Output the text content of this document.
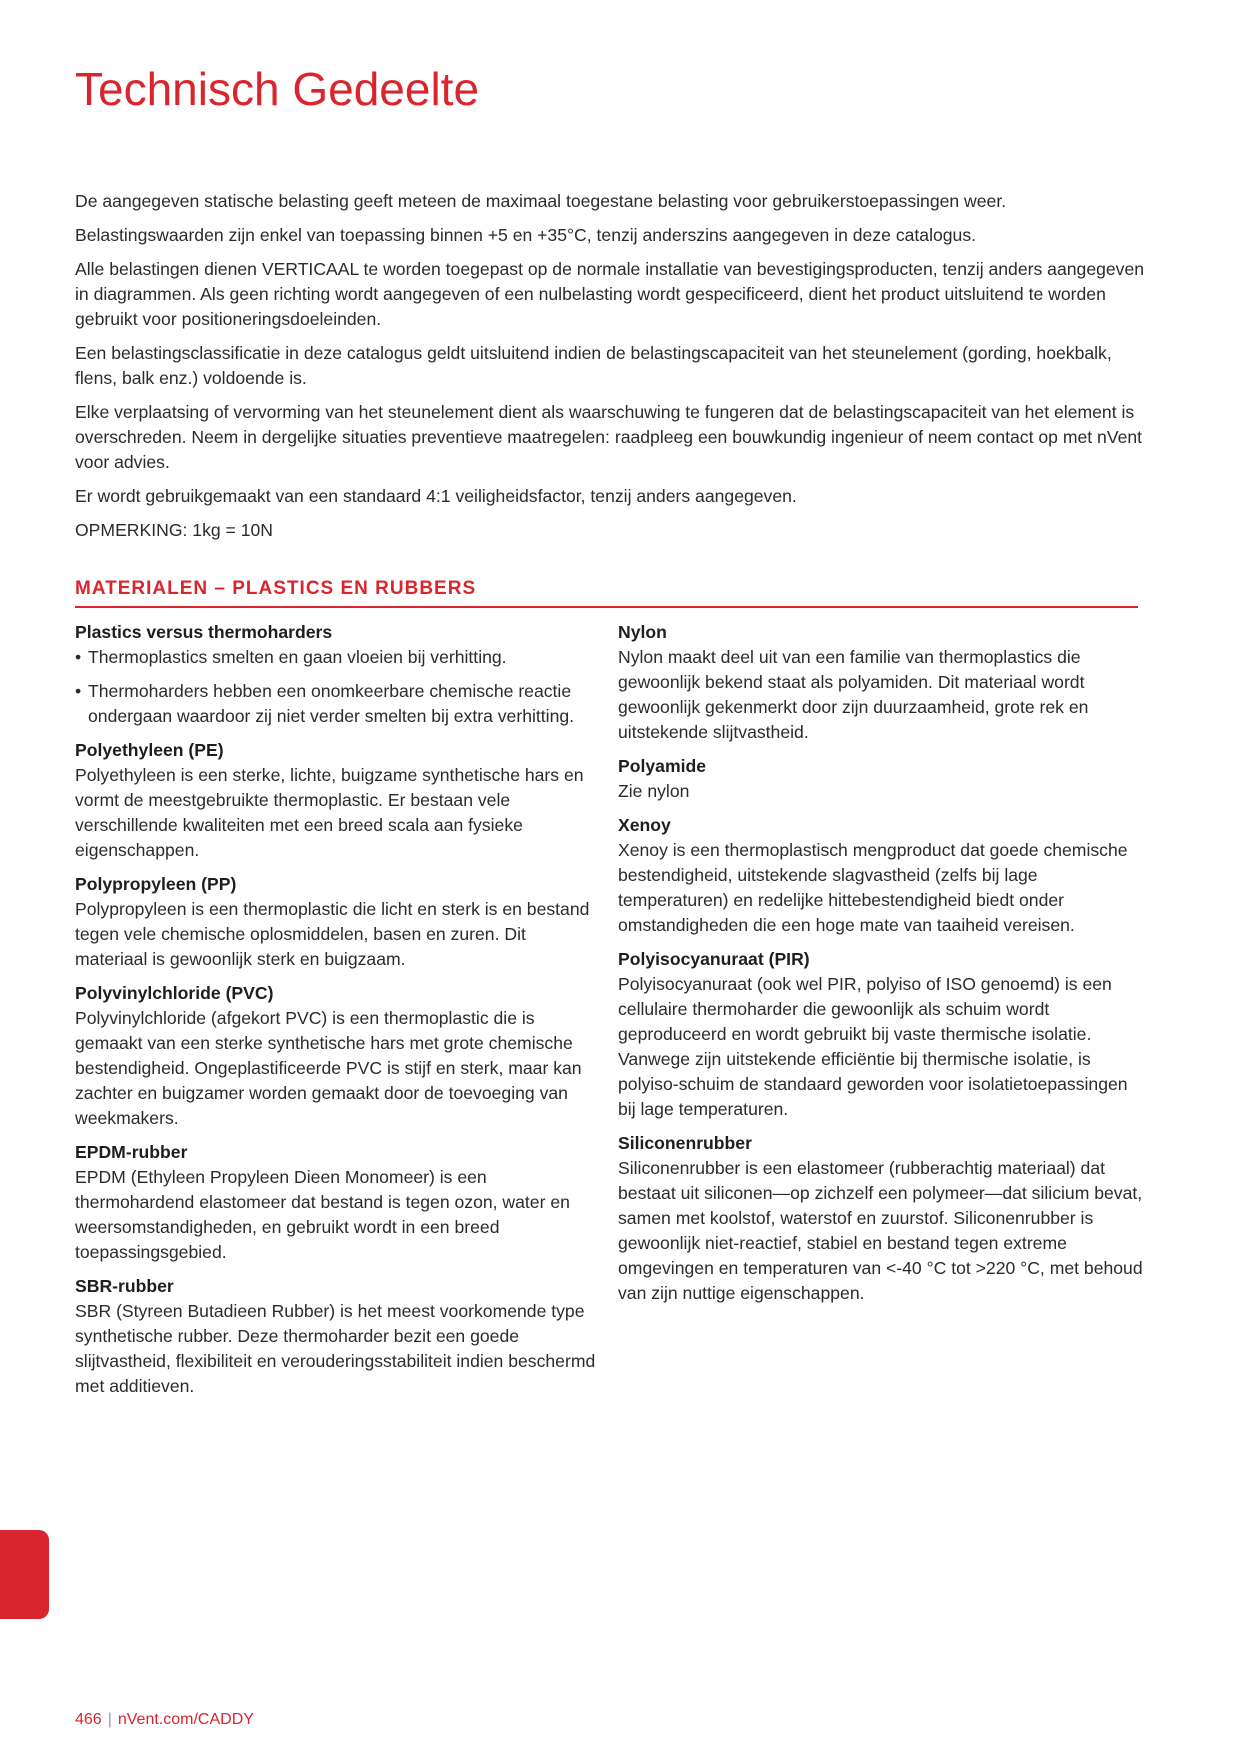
Technisch Gedeelte

De aangegeven statische belasting geeft meteen de maximaal toegestane belasting voor gebruikerstoepassingen weer.

Belastingswaarden zijn enkel van toepassing binnen +5 en +35°C, tenzij anderszins aangegeven in deze catalogus.

Alle belastingen dienen VERTICAAL te worden toegepast op de normale installatie van bevestigingsproducten, tenzij anders aangegeven in diagrammen. Als geen richting wordt aangegeven of een nulbelasting wordt gespecificeerd, dient het product uitsluitend te worden gebruikt voor positioneringsdoeleinden.

Een belastingsclassificatie in deze catalogus geldt uitsluitend indien de belastingscapaciteit van het steunelement (gording, hoekbalk, flens, balk enz.) voldoende is.

Elke verplaatsing of vervorming van het steunelement dient als waarschuwing te fungeren dat de belastingscapaciteit van het element is overschreden. Neem in dergelijke situaties preventieve maatregelen: raadpleeg een bouwkundig ingenieur of neem contact op met nVent voor advies.

Er wordt gebruikgemaakt van een standaard 4:1 veiligheidsfactor, tenzij anders aangegeven.

OPMERKING: 1kg = 10N

MATERIALEN – PLASTICS EN RUBBERS
Plastics versus thermoharders
• Thermoplastics smelten en gaan vloeien bij verhitting.
• Thermoharders hebben een onomkeerbare chemische reactie ondergaan waardoor zij niet verder smelten bij extra verhitting.
Polyethyleen (PE)

Polyethyleen is een sterke, lichte, buigzame synthetische hars en vormt de meestgebruikte thermoplastic. Er bestaan vele verschillende kwaliteiten met een breed scala aan fysieke eigenschappen.

Polypropyleen (PP)

Polypropyleen is een thermoplastic die licht en sterk is en bestand tegen vele chemische oplosmiddelen, basen en zuren. Dit materiaal is gewoonlijk sterk en buigzaam.

Polyvinylchloride (PVC)

Polyvinylchloride (afgekort PVC) is een thermoplastic die is gemaakt van een sterke synthetische hars met grote chemische bestendigheid. Ongeplastificeerde PVC is stijf en sterk, maar kan zachter en buigzamer worden gemaakt door de toevoeging van weekmakers.

EPDM-rubber

EPDM (Ethyleen Propyleen Dieen Monomeer) is een thermohardend elastomeer dat bestand is tegen ozon, water en weersomstandigheden, en gebruikt wordt in een breed toepassingsgebied.

SBR-rubber

SBR (Styreen Butadieen Rubber) is het meest voorkomende type synthetische rubber. Deze thermoharder bezit een goede slijtvastheid, flexibiliteit en verouderingsstabiliteit indien beschermd met additieven.

Nylon

Nylon maakt deel uit van een familie van thermoplastics die gewoonlijk bekend staat als polyamiden. Dit materiaal wordt gewoonlijk gekenmerkt door zijn duurzaamheid, grote rek en uitstekende slijtvastheid.

Polyamide

Zie nylon

Xenoy

Xenoy is een thermoplastisch mengproduct dat goede chemische bestendigheid, uitstekende slagvastheid (zelfs bij lage temperaturen) en redelijke hittebestendigheid biedt onder omstandigheden die een hoge mate van taaiheid vereisen.

Polyisocyanuraat (PIR)

Polyisocyanuraat (ook wel PIR, polyiso of ISO genoemd) is een cellulaire thermoharder die gewoonlijk als schuim wordt geproduceerd en wordt gebruikt bij vaste thermische isolatie. Vanwege zijn uitstekende efficiëntie bij thermische isolatie, is polyiso-schuim de standaard geworden voor isolatietoepassingen bij lage temperaturen.

Siliconenrubber

Siliconenrubber is een elastomeer (rubberachtig materiaal) dat bestaat uit siliconen—op zichzelf een polymeer—dat silicium bevat, samen met koolstof, waterstof en zuurstof. Siliconenrubber is gewoonlijk niet-reactief, stabiel en bestand tegen extreme omgevingen en temperaturen van <-40 °C tot >220 °C, met behoud van zijn nuttige eigenschappen.

466 | nVent.com/CADDY
